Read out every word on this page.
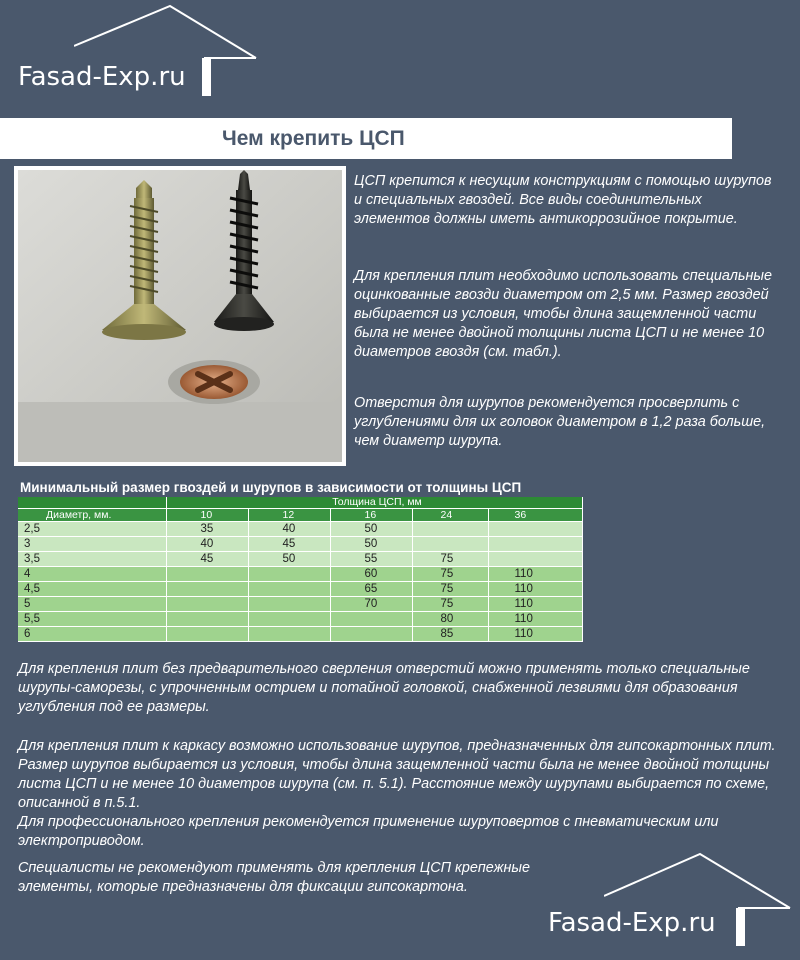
Fasad-Exp.ru
Чем крепить ЦСП

ЦСП крепится к несущим конструкциям с помощью шурупов и специальных гвоздей. Все виды соединительных элементов должны иметь антикоррозийное покрытие.

Для крепления плит необходимо использовать специальные оцинкованные гвозди диаметром от 2,5 мм. Размер гвоздей выбирается из условия, чтобы длина защемленной части была не менее двойной толщины листа ЦСП и не менее 10 диаметров гвоздя (см. табл.).

Отверстия для шурупов рекомендуется просверлить с углублениями для их головок диаметром в 1,2 раза больше, чем диаметр шурупа.

Минимальный размер гвоздей и шурупов в зависимости от толщины ЦСП
	Толщина ЦСП, мм				
Диаметр, мм.	10	12	16	24	36
2,5	35	40	50		
3	40	45	50		
3,5	45	50	55	75	
4			60	75	110
4,5			65	75	110
5			70	75	110
5,5				80	110
6				85	110

Для крепления плит без предварительного сверления отверстий можно применять только специальные шурупы-саморезы, с упрочненным острием и потайной головкой, снабженной лезвиями для образования углубления под ее размеры.

Для крепления плит к каркасу возможно использование шурупов, предназначенных для гипсокартонных плит. Размер шурупов выбирается из условия, чтобы длина защемленной части была не менее двойной толщины листа ЦСП и не менее 10 диаметров шурупа (см. п. 5.1). Расстояние между шурупами выбирается по схеме, описанной в п.5.1.
Для профессионального крепления рекомендуется применение шуруповертов с пневматическим или электроприводом.

Специалисты не рекомендуют применять для крепления ЦСП крепежные элементы, которые предназначены для фиксации гипсокартона.

Fasad-Exp.ru
